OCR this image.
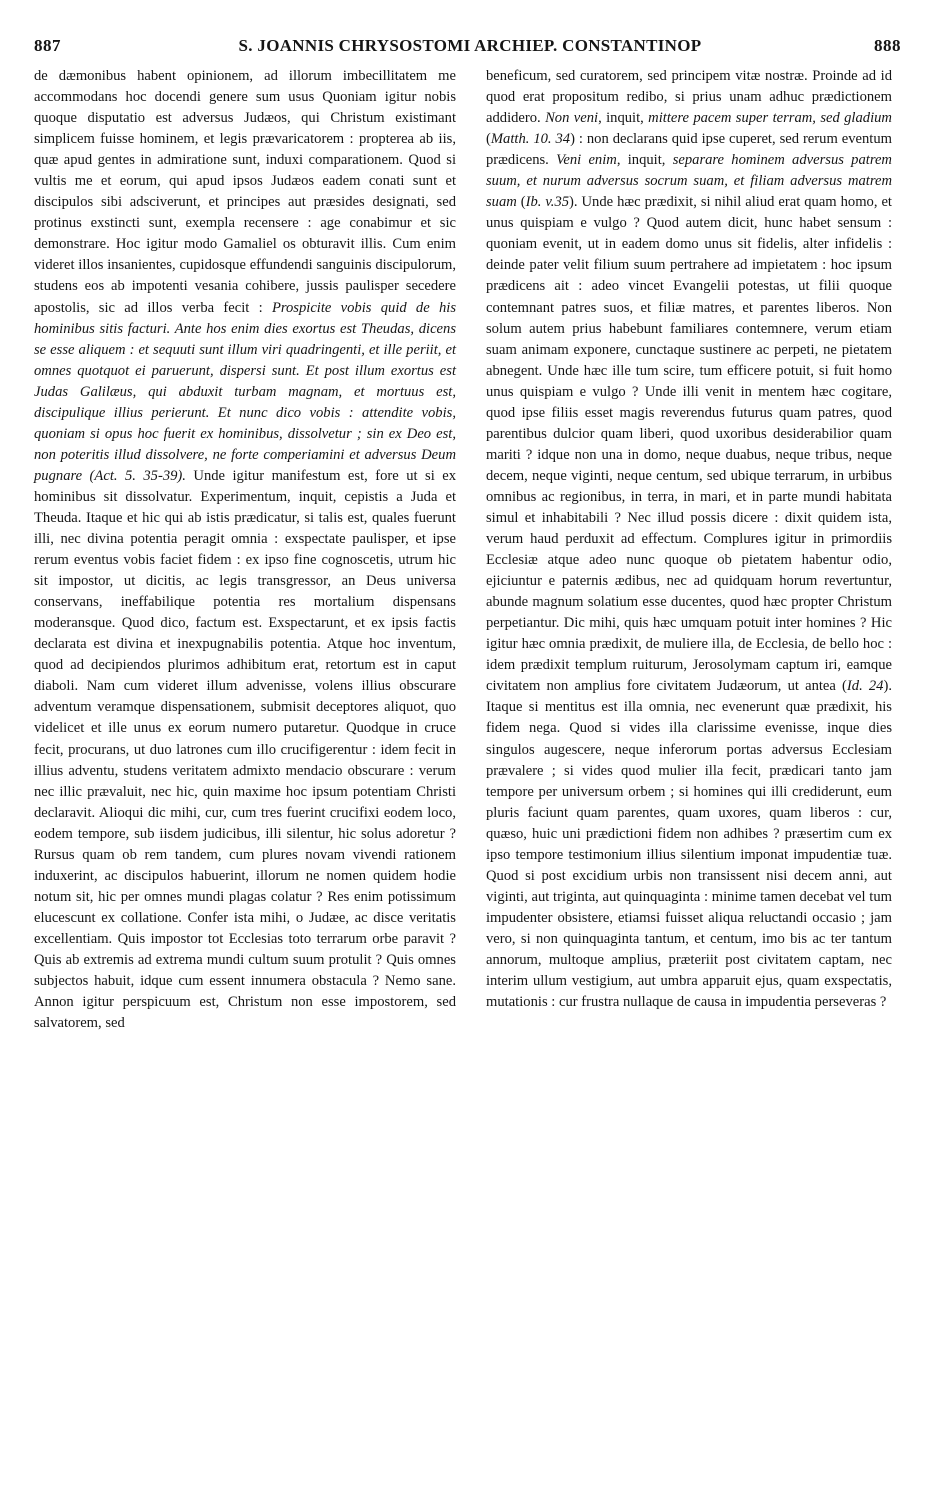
887	S. JOANNIS CHRYSOSTOMI ARCHIEP. CONSTANTINOP	888

de dæmonibus habent opinionem, ad illorum imbecillitatem me accommodans hoc docendi genere sum usus Quoniam igitur nobis quoque disputatio est adversus Judæos, qui Christum existimant simplicem fuisse hominem, et legis prævaricatorem : propterea ab iis, quæ apud gentes in admiratione sunt, induxi comparationem. Quod si vultis me et eorum, qui apud ipsos Judæos eadem conati sunt et discipulos sibi adsciverunt, et principes aut præsides designati, sed protinus exstincti sunt, exempla recensere : age conabimur et sic demonstrare. Hoc igitur modo Gamaliel os obturavit illis. Cum enim videret illos insanientes, cupidosque effundendi sanguinis discipulorum, studens eos ab impotenti vesania cohibere, jussis paulisper secedere apostolis, sic ad illos verba fecit : Prospicite vobis quid de his hominibus sitis facturi. Ante hos enim dies exortus est Theudas, dicens se esse aliquem : et sequuti sunt illum viri quadringenti, et ille periit, et omnes quotquot ei paruerunt, dispersi sunt. Et post illum exortus est Judas Galilæus, qui abduxit turbam magnam, et mortuus est, discipulique illius perierunt. Et nunc dico vobis : attendite vobis, quoniam si opus hoc fuerit ex hominibus, dissolvetur ; sin ex Deo est, non poteritis illud dissolvere, ne forte comperiamini et adversus Deum pugnare (Act. 5. 35-39). Unde igitur manifestum est, fore ut si ex hominibus sit dissolvatur. Experimentum, inquit, cepistis a Juda et Theuda. Itaque et hic qui ab istis prædicatur, si talis est, quales fuerunt illi, nec divina potentia peragit omnia : exspectate paulisper, et ipse rerum eventus vobis faciet fidem : ex ipso fine cognoscetis, utrum hic sit impostor, ut dicitis, ac legis transgressor, an Deus universa conservans, ineffabilique potentia res mortalium dispensans moderansque. Quod dico, factum est. Exspectarunt, et ex ipsis factis declarata est divina et inexpugnabilis potentia. Atque hoc inventum, quod ad decipiendos plurimos adhibitum erat, retortum est in caput diaboli. Nam cum videret illum advenisse, volens illius obscurare adventum veramque dispensationem, submisit deceptores aliquot, quo videlicet et ille unus ex eorum numero putaretur. Quodque in cruce fecit, procurans, ut duo latrones cum illo crucifigerentur : idem fecit in illius adventu, studens veritatem admixto mendacio obscurare : verum nec illic prævaluit, nec hic, quin maxime hoc ipsum potentiam Christi declaravit. Alioqui dic mihi, cur, cum tres fuerint crucifixi eodem loco, eodem tempore, sub iisdem judicibus, illi silentur, hic solus adoretur ? Rursus quam ob rem tandem, cum plures novam vivendi rationem induxerint, ac discipulos habuerint, illorum ne nomen quidem hodie notum sit, hic per omnes mundi plagas colatur ? Res enim potissimum elucescunt ex collatione. Confer ista mihi, o Judæe, ac disce veritatis excellentiam. Quis impostor tot Ecclesias toto terrarum orbe paravit ? Quis ab extremis ad extrema mundi cultum suum protulit ? Quis omnes subjectos habuit, idque cum essent innumera obstacula ? Nemo sane. Annon igitur perspicuum est, Christum non esse impostorem, sed salvatorem, sed

beneficum, sed curatorem, sed principem vitæ nostræ. Proinde ad id quod erat propositum redibo, si prius unam adhuc prædictionem addidero. Non veni, inquit, mittere pacem super terram, sed gladium (Matth. 10. 34) : non declarans quid ipse cuperet, sed rerum eventum prædicens. Veni enim, inquit, separare hominem adversus patrem suum, et nurum adversus socrum suam, et filiam adversus matrem suam (Ib. v.35). Unde hæc prædixit, si nihil aliud erat quam homo, et unus quispiam e vulgo ? Quod autem dicit, hunc habet sensum : quoniam evenit, ut in eadem domo unus sit fidelis, alter infidelis : deinde pater velit filium suum pertrahere ad impietatem : hoc ipsum prædicens ait : adeo vincet Evangelii potestas, ut filii quoque contemnant patres suos, et filiæ matres, et parentes liberos. Non solum autem prius habebunt familiares contemnere, verum etiam suam animam exponere, cunctaque sustinere ac perpeti, ne pietatem abnegent. Unde hæc ille tum scire, tum efficere potuit, si fuit homo unus quispiam e vulgo ? Unde illi venit in mentem hæc cogitare, quod ipse filiis esset magis reverendus futurus quam patres, quod parentibus dulcior quam liberi, quod uxoribus desiderabilior quam mariti ? idque non una in domo, neque duabus, neque tribus, neque decem, neque viginti, neque centum, sed ubique terrarum, in urbibus omnibus ac regionibus, in terra, in mari, et in parte mundi habitata simul et inhabitabili ? Nec illud possis dicere : dixit quidem ista, verum haud perduxit ad effectum. Complures igitur in primordiis Ecclesiæ atque adeo nunc quoque ob pietatem habentur odio, ejiciuntur e paternis ædibus, nec ad quidquam horum revertuntur, abunde magnum solatium esse ducentes, quod hæc propter Christum perpetiantur. Dic mihi, quis hæc umquam potuit inter homines ? Hic igitur hæc omnia prædixit, de muliere illa, de Ecclesia, de bello hoc : idem prædixit templum ruiturum, Jerosolymam captum iri, eamque civitatem non amplius fore civitatem Judæorum, ut antea (Id. 24). Itaque si mentitus est illa omnia, nec evenerunt quæ prædixit, his fidem nega. Quod si vides illa clarissime evenisse, inque dies singulos augescere, neque inferorum portas adversus Ecclesiam prævalere ; si vides quod mulier illa fecit, prædicari tanto jam tempore per universum orbem ; si homines qui illi crediderunt, eum pluris faciunt quam parentes, quam uxores, quam liberos : cur, quæso, huic uni prædictioni fidem non adhibes ? præsertim cum ex ipso tempore testimonium illius silentium imponat impudentiæ tuæ. Quod si post excidium urbis non transissent nisi decem anni, aut viginti, aut triginta, aut quinquaginta : minime tamen decebat vel tum impudenter obsistere, etiamsi fuisset aliqua reluctandi occasio ; jam vero, si non quinquaginta tantum, et centum, imo bis ac ter tantum annorum, multoque amplius, præteriit post civitatem captam, nec interim ullum vestigium, aut umbra apparuit ejus, quam exspectatis, mutationis : cur frustra nullaque de causa in impudentia perseveras ?
